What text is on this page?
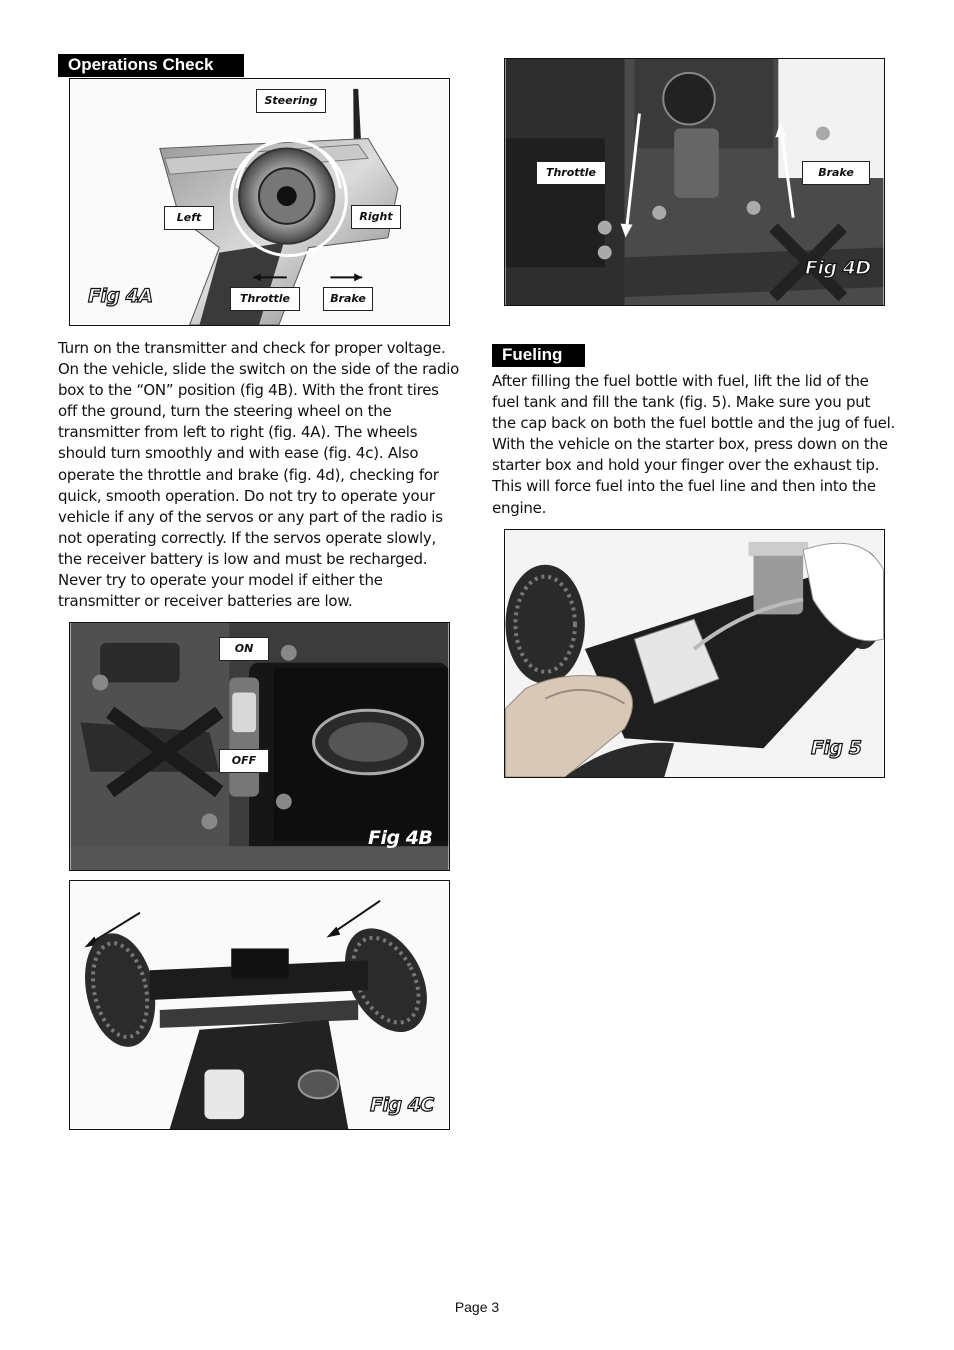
Operations Check
Steering
Left	Right
Throttle	Brake
Fig 4A
Turn on the transmitter and check for proper voltage. On the vehicle, slide the switch on the side of the radio box to the “ON” position (fig 4B). With the front tires off the ground, turn the steering wheel on the transmitter from left to right (fig. 4A). The wheels should turn smoothly and with ease (fig. 4c). Also operate the throttle and brake (fig. 4d), checking for quick, smooth operation. Do not try to operate your vehicle if any of the servos or any part of the radio is not operating correctly. If the servos operate slowly, the receiver battery is low and must be recharged. Never try to operate your model if either the transmitter or receiver batteries are low.
ON
OFF
Fig 4B
Fig 4C
Throttle	Brake
Fig 4D
Fueling
After filling the fuel bottle with fuel, lift the lid of the fuel tank and fill the tank (fig. 5). Make sure you put the cap back on both the fuel bottle and the jug of fuel. With the vehicle on the starter box, press down on the starter box and hold your finger over the exhaust tip. This will force fuel into the fuel line and then into the engine.
Fig 5
Page 3
